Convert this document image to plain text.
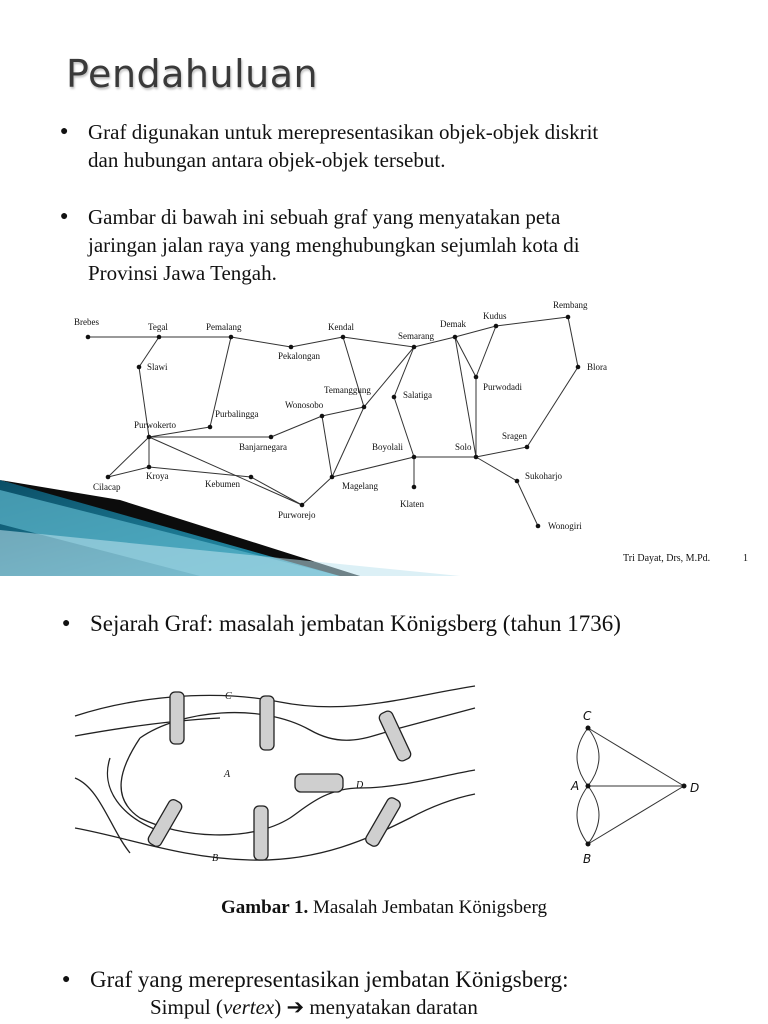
Pendahuluan
● Graf digunakan untuk merepresentasikan objek-objek diskrit
dan hubungan antara objek-objek tersebut.
● Gambar di bawah ini sebuah graf yang menyatakan peta
jaringan jalan raya yang menghubungkan sejumlah kota di
Provinsi Jawa Tengah.
Brebes	Tegal	Pemalang	Kendal
Semarang
Demak
Kudus
Rembang
Slawi
Pekalongan
Blora
Purwodadi
Temanggung
Wonosobo
Salatiga
Purbalingga
Purwokerto
Banjarnegara	Boyolali	Solo
Sragen
Cilacap
Kroya
Kebumen	Magelang
Sukoharjo
Klaten
Purworejo
Wonogiri
Tri Dayat, Drs, M.Pd.	1
● Sejarah Graf: masalah jembatan Kӧnigsberg (tahun 1736)
C
A
D
B
C
A	D
B
Gambar 1. Masalah Jembatan Kӧnigsberg
● Graf yang merepresentasikan jembatan Kӧnigsberg:
Simpul (vertex) ➔ menyatakan daratan
